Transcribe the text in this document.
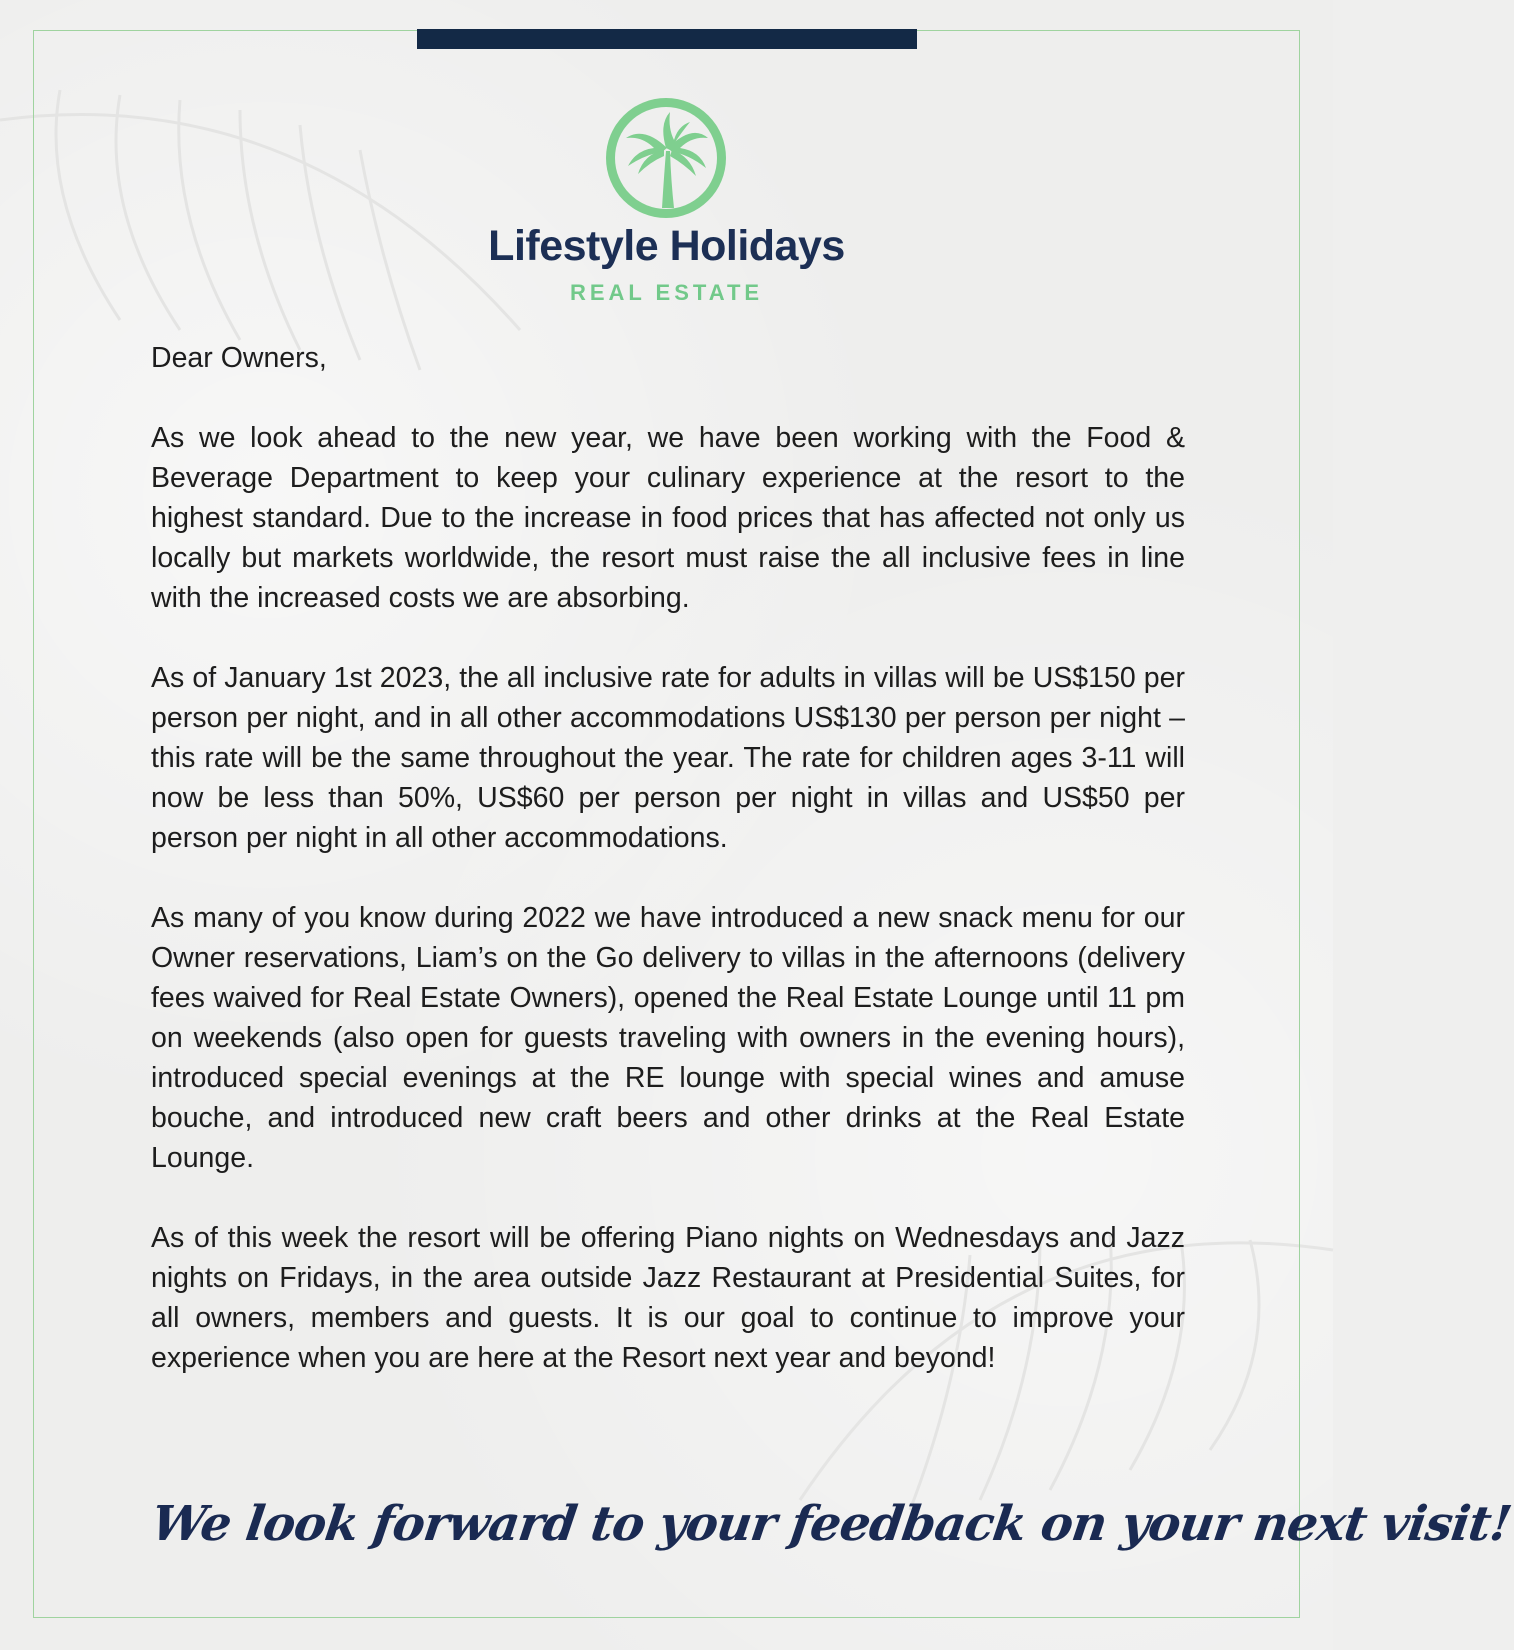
Lifestyle Holidays
REAL ESTATE

Dear Owners,

As we look ahead to the new year, we have been working with the Food & Beverage Department to keep your culinary experience at the resort to the highest standard. Due to the increase in food prices that has affected not only us locally but markets worldwide, the resort must raise the all inclusive fees in line with the increased costs we are absorbing.

As of January 1st 2023, the all inclusive rate for adults in villas will be US$150 per person per night, and in all other accommodations US$130 per person per night – this rate will be the same throughout the year. The rate for children ages 3-11 will now be less than 50%, US$60 per person per night in villas and US$50 per person per night in all other accommodations.

As many of you know during 2022 we have introduced a new snack menu for our Owner reservations, Liam’s on the Go delivery to villas in the afternoons (delivery fees waived for Real Estate Owners), opened the Real Estate Lounge until 11 pm on weekends (also open for guests traveling with owners in the evening hours), introduced special evenings at the RE lounge with special wines and amuse bouche, and introduced new craft beers and other drinks at the Real Estate Lounge.

As of this week the resort will be offering Piano nights on Wednesdays and Jazz nights on Fridays, in the area outside Jazz Restaurant at Presidential Suites, for all owners, members and guests. It is our goal to continue to improve your experience when you are here at the Resort next year and beyond!

We look forward to your feedback on your next visit!
